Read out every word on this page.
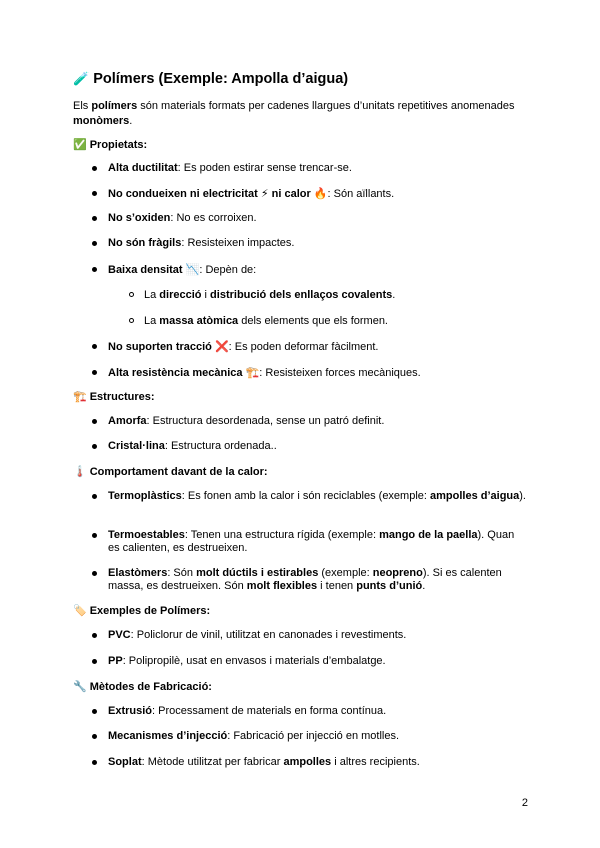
🧪 Polímers (Exemple: Ampolla d’aigua)

Els polímers són materials formats per cadenes llargues d’unitats repetitives anomenades monòmers.

✅ Propietats:

Alta ductilitat: Es poden estirar sense trencar-se.

No condueixen ni electricitat ⚡ ni calor 🔥: Són aïllants.

No s’oxiden: No es corroixen.

No són fràgils: Resisteixen impactes.

Baixa densitat 📉: Depèn de:

La direcció i distribució dels enllaços covalents.

La massa atòmica dels elements que els formen.

No suporten tracció ❌: Es poden deformar fàcilment.

Alta resistència mecànica 🏗️: Resisteixen forces mecàniques.

🏗️ Estructures:

Amorfa: Estructura desordenada, sense un patró definit.

Cristal·lina: Estructura ordenada..

🌡️ Comportament davant de la calor:

Termoplàstics: Es fonen amb la calor i són reciclables (exemple: ampolles d’aigua).

Termoestables: Tenen una estructura rígida (exemple: mango de la paella). Quan es calienten, es destrueixen.

Elastòmers: Són molt dúctils i estirables (exemple: neopreno). Si es calenten massa, es destrueixen. Són molt flexibles i tenen punts d’unió.

🏷️ Exemples de Polímers:

PVC: Policlorur de vinil, utilitzat en canonades i revestiments.

PP: Polipropilè, usat en envasos i materials d’embalatge.

🔧 Mètodes de Fabricació:

Extrusió: Processament de materials en forma contínua.

Mecanismes d’injecció: Fabricació per injecció en motlles.

Soplat: Mètode utilitzat per fabricar ampolles i altres recipients.

2
